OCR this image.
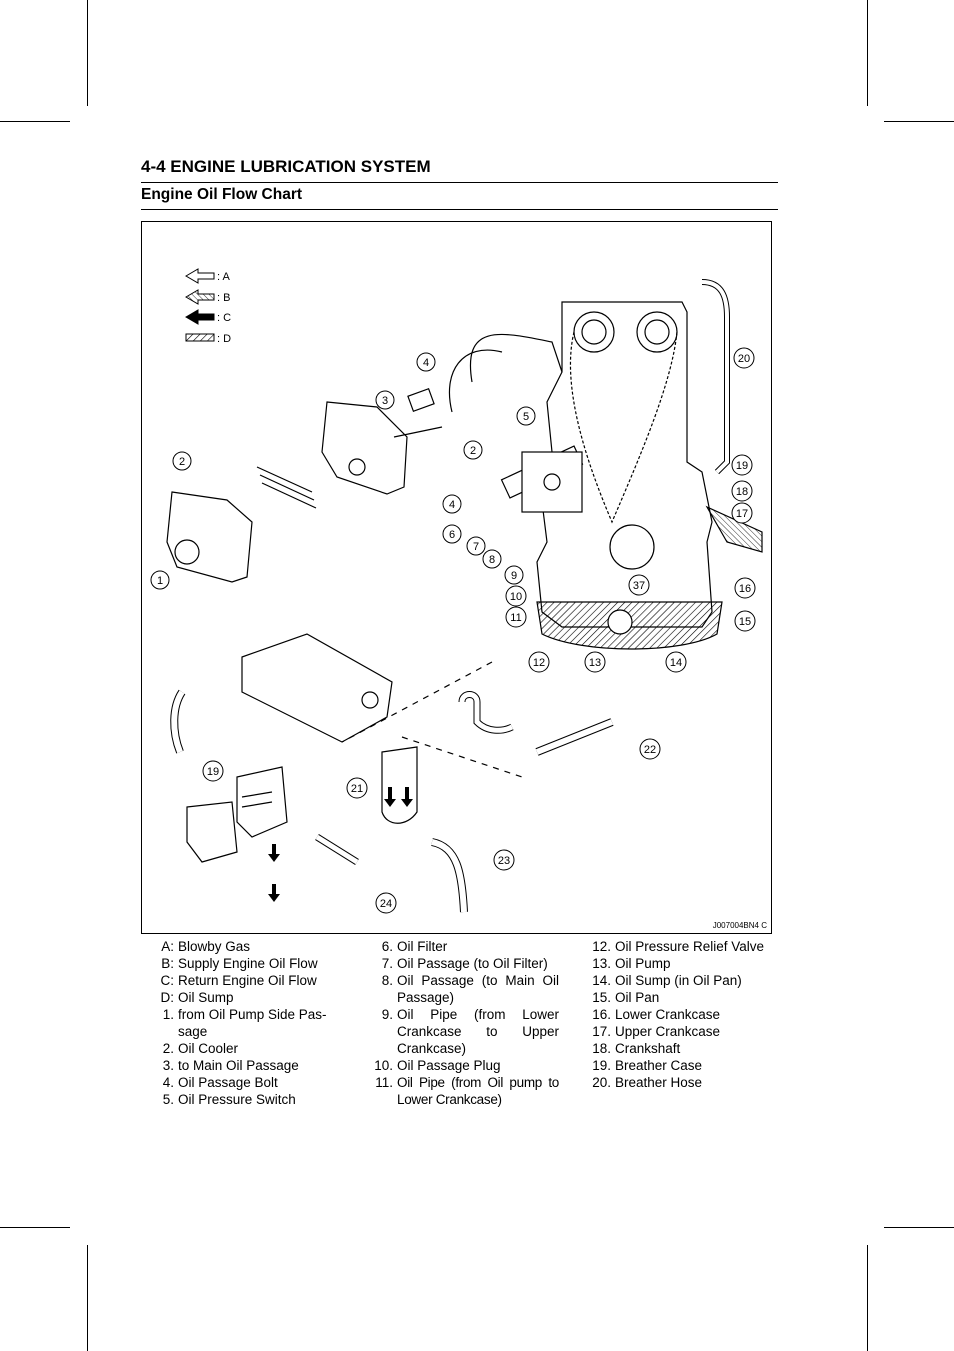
4-4 ENGINE LUBRICATION SYSTEM
Engine Oil Flow Chart
: A
: B
: C
: D
1
2
3
4
5
2
4
6
7
8
9
10
11
12	13	14
15
16
17
18
19
20
37
19
21
22
23
24
J007004BN4 C
A: Blowby Gas
B: Supply Engine Oil Flow
C: Return Engine Oil Flow
D: Oil Sump
1. from Oil Pump Side Pas-sage
2. Oil Cooler
3. to Main Oil Passage
4. Oil Passage Bolt
5. Oil Pressure Switch
6. Oil Filter
7. Oil Passage (to Oil Filter)
8. Oil Passage (to Main Oil Passage)
9. Oil Pipe (from Lower Crankcase to Upper Crankcase)
10. Oil Passage Plug
11. Oil Pipe (from Oil pump to Lower Crankcase)
12. Oil Pressure Relief Valve
13. Oil Pump
14. Oil Sump (in Oil Pan)
15. Oil Pan
16. Lower Crankcase
17. Upper Crankcase
18. Crankshaft
19. Breather Case
20. Breather Hose
